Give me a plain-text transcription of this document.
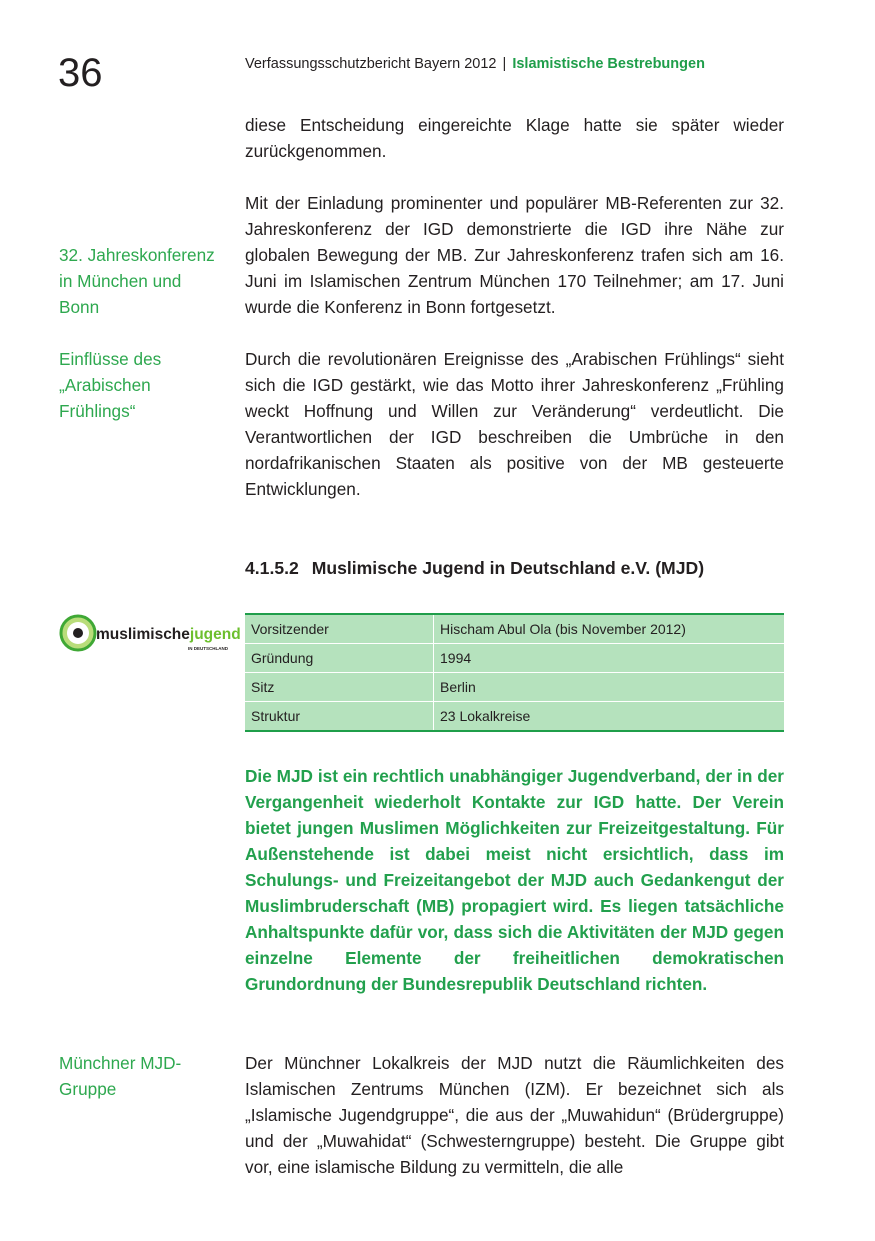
36	Verfassungsschutzbericht Bayern 2012 | Islamistische Bestrebungen
diese Entscheidung eingereichte Klage hatte sie später wieder zurückgenommen.
Mit der Einladung prominenter und populärer MB-Referenten zur 32. Jahreskonferenz der IGD demonstrierte die IGD ihre Nähe zur globalen Bewegung der MB. Zur Jahreskonferenz trafen sich am 16. Juni im Islamischen Zentrum München 170 Teilnehmer; am 17. Juni wurde die Konferenz in Bonn fortgesetzt.
32. Jahreskonferenz in München und Bonn
Einflüsse des „Arabischen Frühlings“
Durch die revolutionären Ereignisse des „Arabischen Frühlings“ sieht sich die IGD gestärkt, wie das Motto ihrer Jahreskonferenz „Frühling weckt Hoffnung und Willen zur Veränderung“ verdeutlicht. Die Verantwortlichen der IGD beschreiben die Umbrüche in den nordafrikanischen Staaten als positive von der MB gesteuerte Entwicklungen.
4.1.5.2 Muslimische Jugend in Deutschland e.V. (MJD)
muslimischejugend
IN DEUTSCHLAND
Vorsitzender	Hischam Abul Ola (bis November 2012)
Gründung	1994
Sitz	Berlin
Struktur	23 Lokalkreise
Die MJD ist ein rechtlich unabhängiger Jugendverband, der in der Vergangenheit wiederholt Kontakte zur IGD hatte. Der Verein bietet jungen Muslimen Möglichkeiten zur Freizeitgestaltung. Für Außenstehende ist dabei meist nicht ersichtlich, dass im Schulungs- und Freizeitangebot der MJD auch Gedankengut der Muslimbruderschaft (MB) propagiert wird. Es liegen tatsächliche Anhaltspunkte dafür vor, dass sich die Aktivitäten der MJD gegen einzelne Elemente der freiheitlichen demokratischen Grundordnung der Bundesrepublik Deutschland richten.
Münchner MJD-Gruppe
Der Münchner Lokalkreis der MJD nutzt die Räumlichkeiten des Islamischen Zentrums München (IZM). Er bezeichnet sich als „Islamische Jugendgruppe“, die aus der „Muwahidun“ (Brüdergruppe) und der „Muwahidat“ (Schwesterngruppe) besteht. Die Gruppe gibt vor, eine islamische Bildung zu vermitteln, die alle
